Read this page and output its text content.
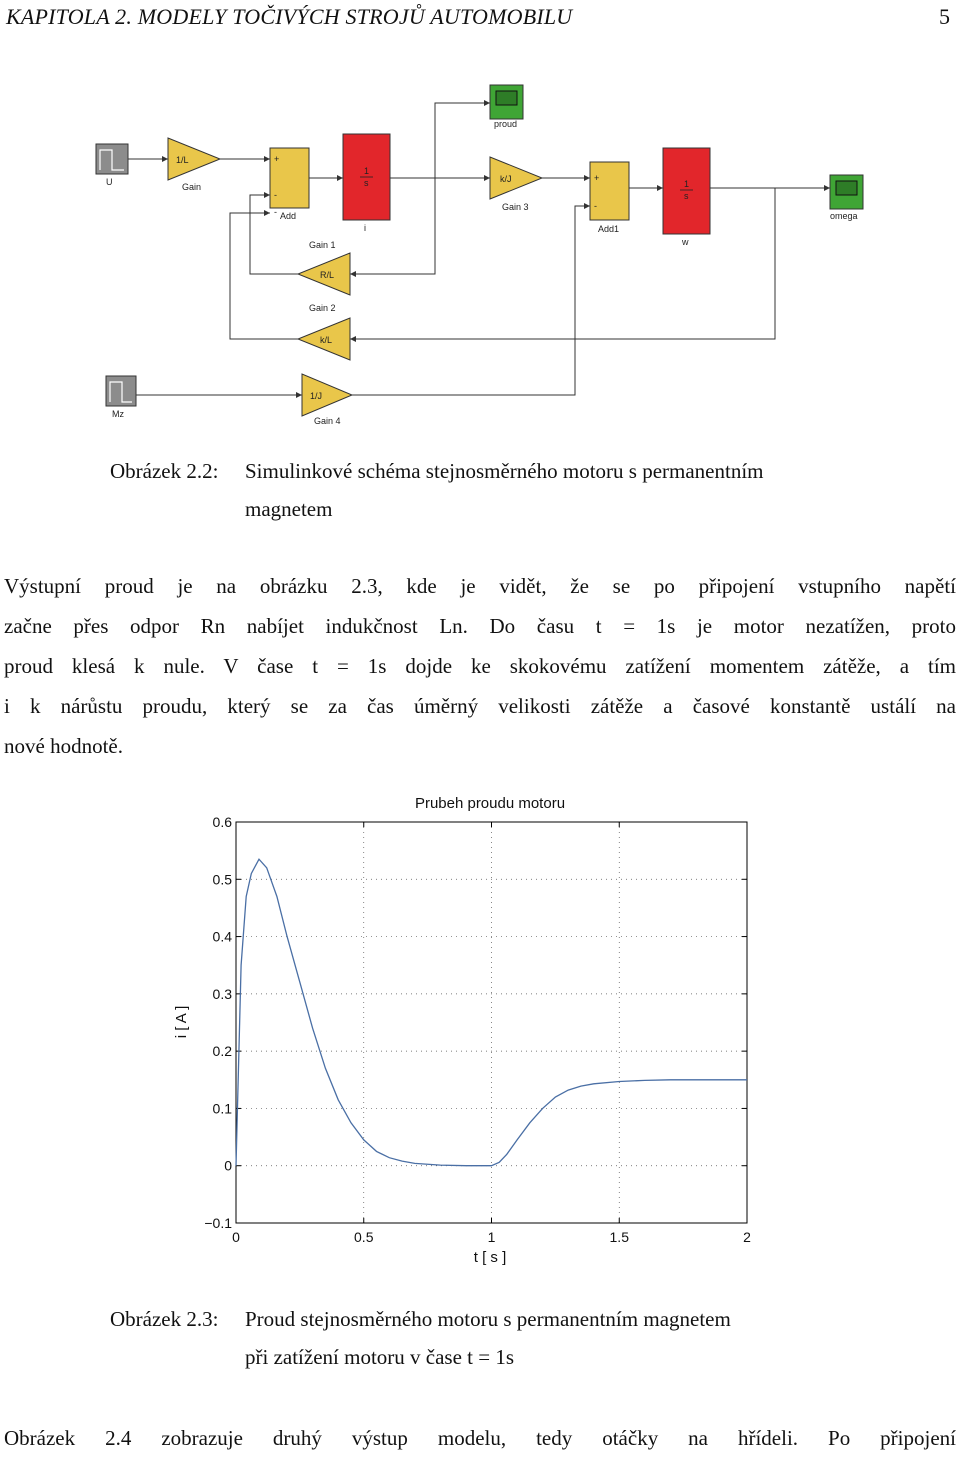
KAPITOLA 2. MODELY TOČIVÝCH STROJŮ AUTOMOBILU	5
U
1/L
Gain
+
-
- Add
1
s
i
proud
k/J
Gain 3
+
-
Add1
1
s
w
omega
Gain 1
R/L
Gain 2
k/L
Mz
1/J
Gain 4
Obrázek 2.2: Simulinkové schéma stejnosměrného motoru s permanentním
magnetem
Výstupní proud je na obrázku 2.3, kde je vidět, že se po připojení vstupního napětí
začne přes odpor Rn nabíjet indukčnost Ln. Do času t = 1s je motor nezatížen, proto
proud klesá k nule. V čase t = 1s dojde ke skokovému zatížení momentem zátěže, a tím
i k nárůstu proudu, který se za čas úměrný velikosti zátěže a časové konstantě ustálí na
nové hodnotě.
−0.1
0
0.1
0.2
0.3
0.4
0.5
0.6
0	0.5	1	1.5	2
Prubeh proudu motoru
t [ s ]
i [ A ]
Obrázek 2.3: Proud stejnosměrného motoru s permanentním magnetem
při zatížení motoru v čase t = 1s
Obrázek 2.4 zobrazuje druhý výstup modelu, tedy otáčky na hřídeli. Po připojení
